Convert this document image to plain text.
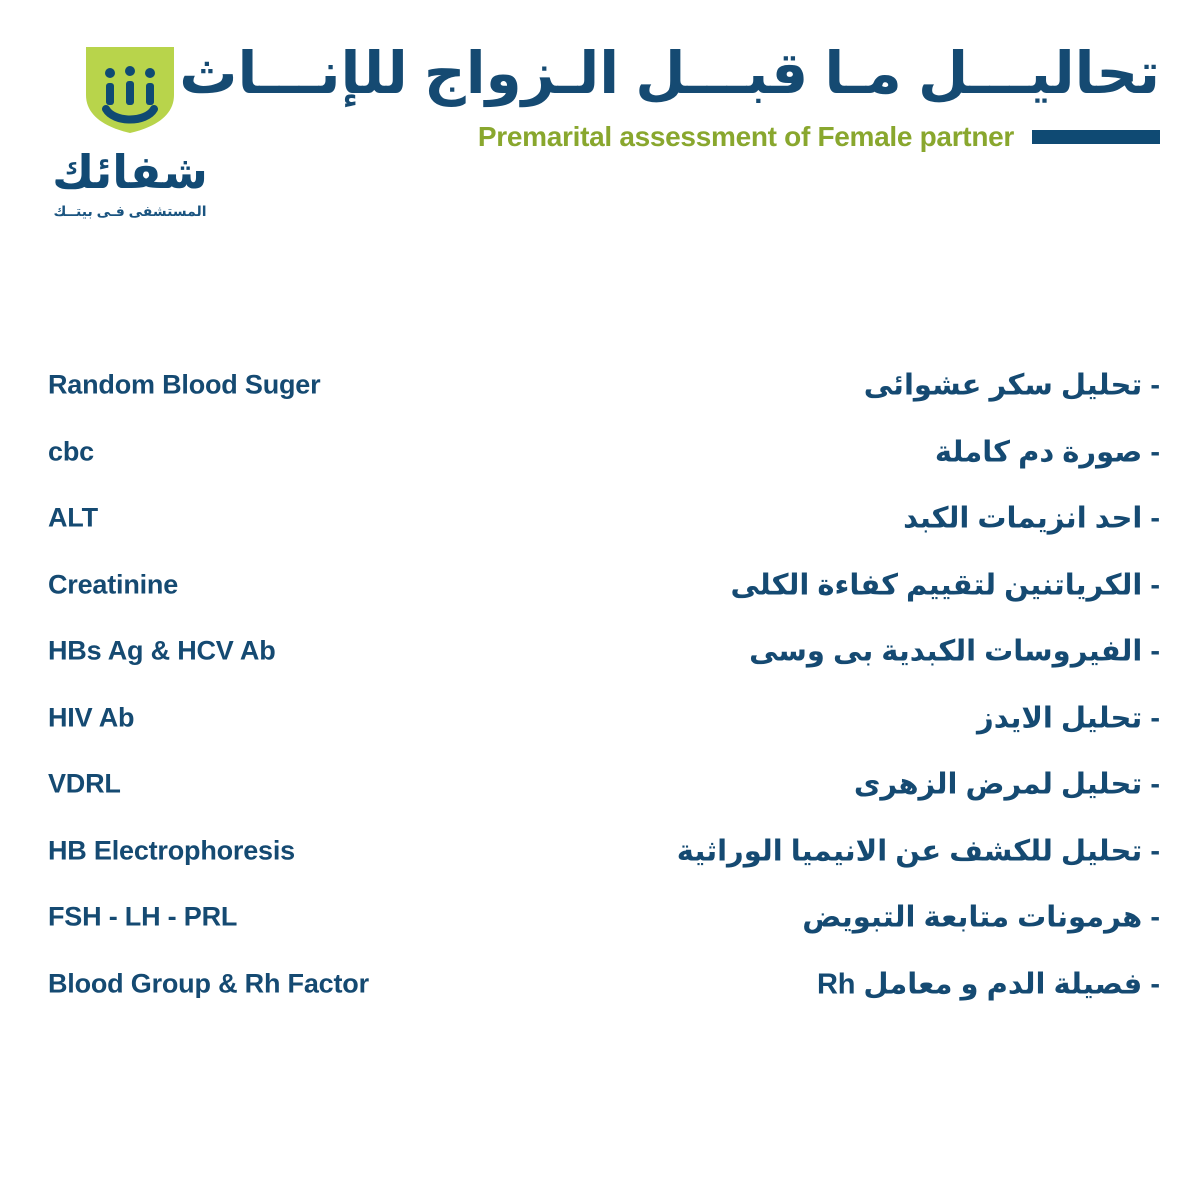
شفائك
المستشفى فـى بيتــك
تحاليـــل مـا قبـــل الـزواج للإنـــاث
Premarital assessment of Female partner
Random Blood Suger	- تحليل سكر عشوائى
cbc	- صورة دم كاملة
ALT	- احد انزيمات الكبد
Creatinine	- الكرياتنين لتقييم كفاءة الكلى
HBs Ag & HCV Ab	- الفيروسات الكبدية بى وسى
HIV Ab	- تحليل الايدز
VDRL	- تحليل لمرض الزهرى
HB Electrophoresis	- تحليل للكشف عن الانيميا الوراثية
FSH - LH - PRL	- هرمونات متابعة التبويض
Blood Group & Rh Factor	- فصيلة الدم و معامل Rh
